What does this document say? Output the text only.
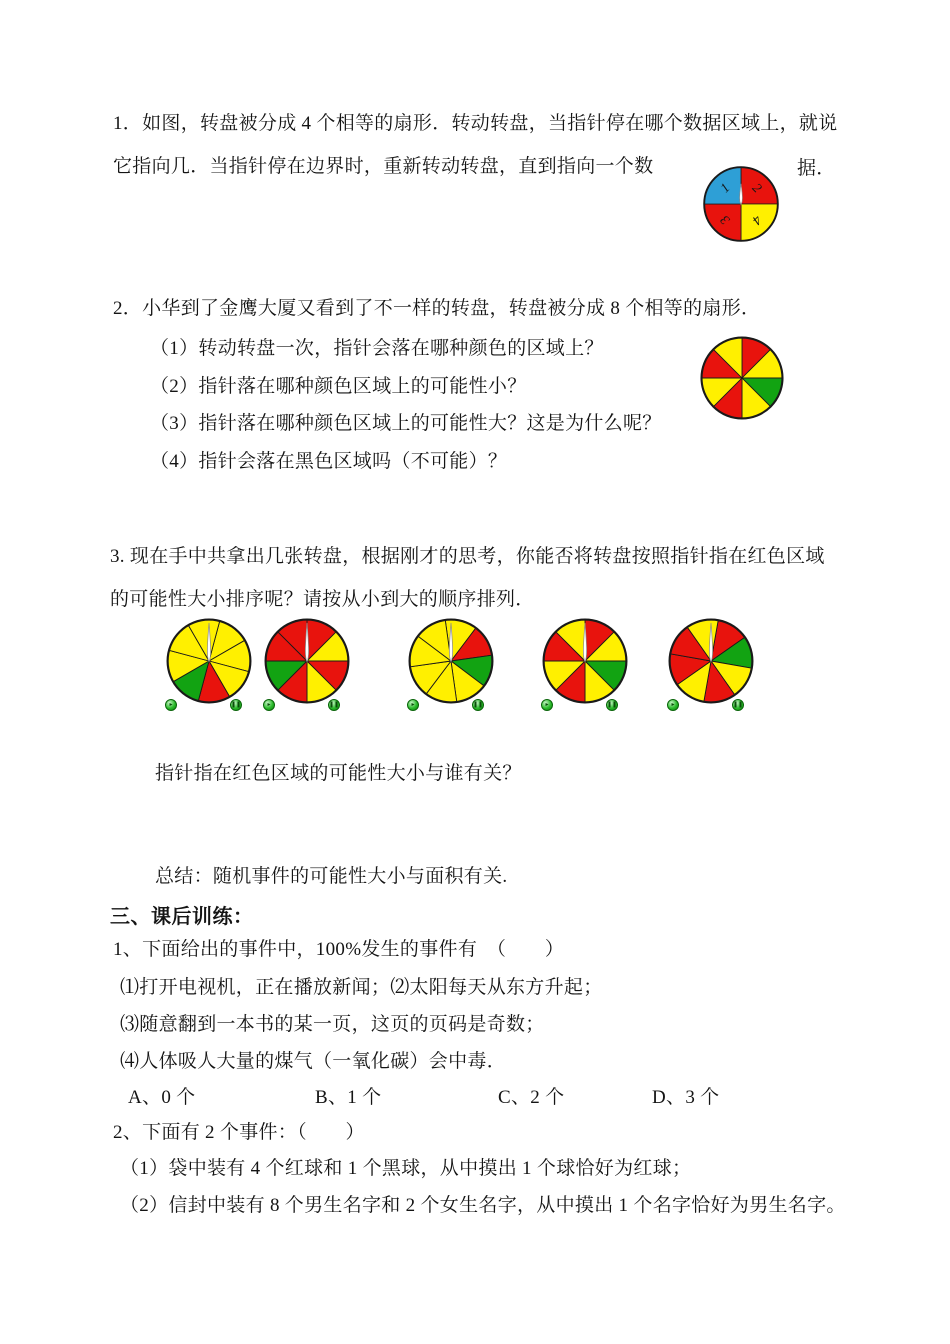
1．如图，转盘被分成 4 个相等的扇形．转动转盘，当指针停在哪个数据区域上，就说
它指向几．当指针停在边界时，重新转动转盘，直到指向一个数	据．
2
4
3
1
2．小华到了金鹰大厦又看到了不一样的转盘，转盘被分成 8 个相等的扇形．
（1）转动转盘一次，指针会落在哪种颜色的区域上？
（2）指针落在哪种颜色区域上的可能性小？
（3）指针落在哪种颜色区域上的可能性大？这是为什么呢？
（4）指针会落在黑色区域吗（不可能）？
3. 现在手中共拿出几张转盘，根据刚才的思考，你能否将转盘按照指针指在红色区域
的可能性大小排序呢？请按从小到大的顺序排列．
▸	❚❚	▸	❚❚	▸	❚❚	▸	❚❚	▸	❚❚
指针指在红色区域的可能性大小与谁有关？
总结：随机事件的可能性大小与面积有关.
三、课后训练：
1、下面给出的事件中，100%发生的事件有　（　　）
⑴打开电视机，正在播放新闻；⑵太阳每天从东方升起；
⑶随意翻到一本书的某一页，这页的页码是奇数；
⑷人体吸人大量的煤气（一氧化碳）会中毒．
A、0 个	B、1 个	C、2 个	D、3 个
2、下面有 2 个事件：（　　）
（1）袋中装有 4 个红球和 1 个黑球，从中摸出 1 个球恰好为红球；
（2）信封中装有 8 个男生名字和 2 个女生名字，从中摸出 1 个名字恰好为男生名字。
